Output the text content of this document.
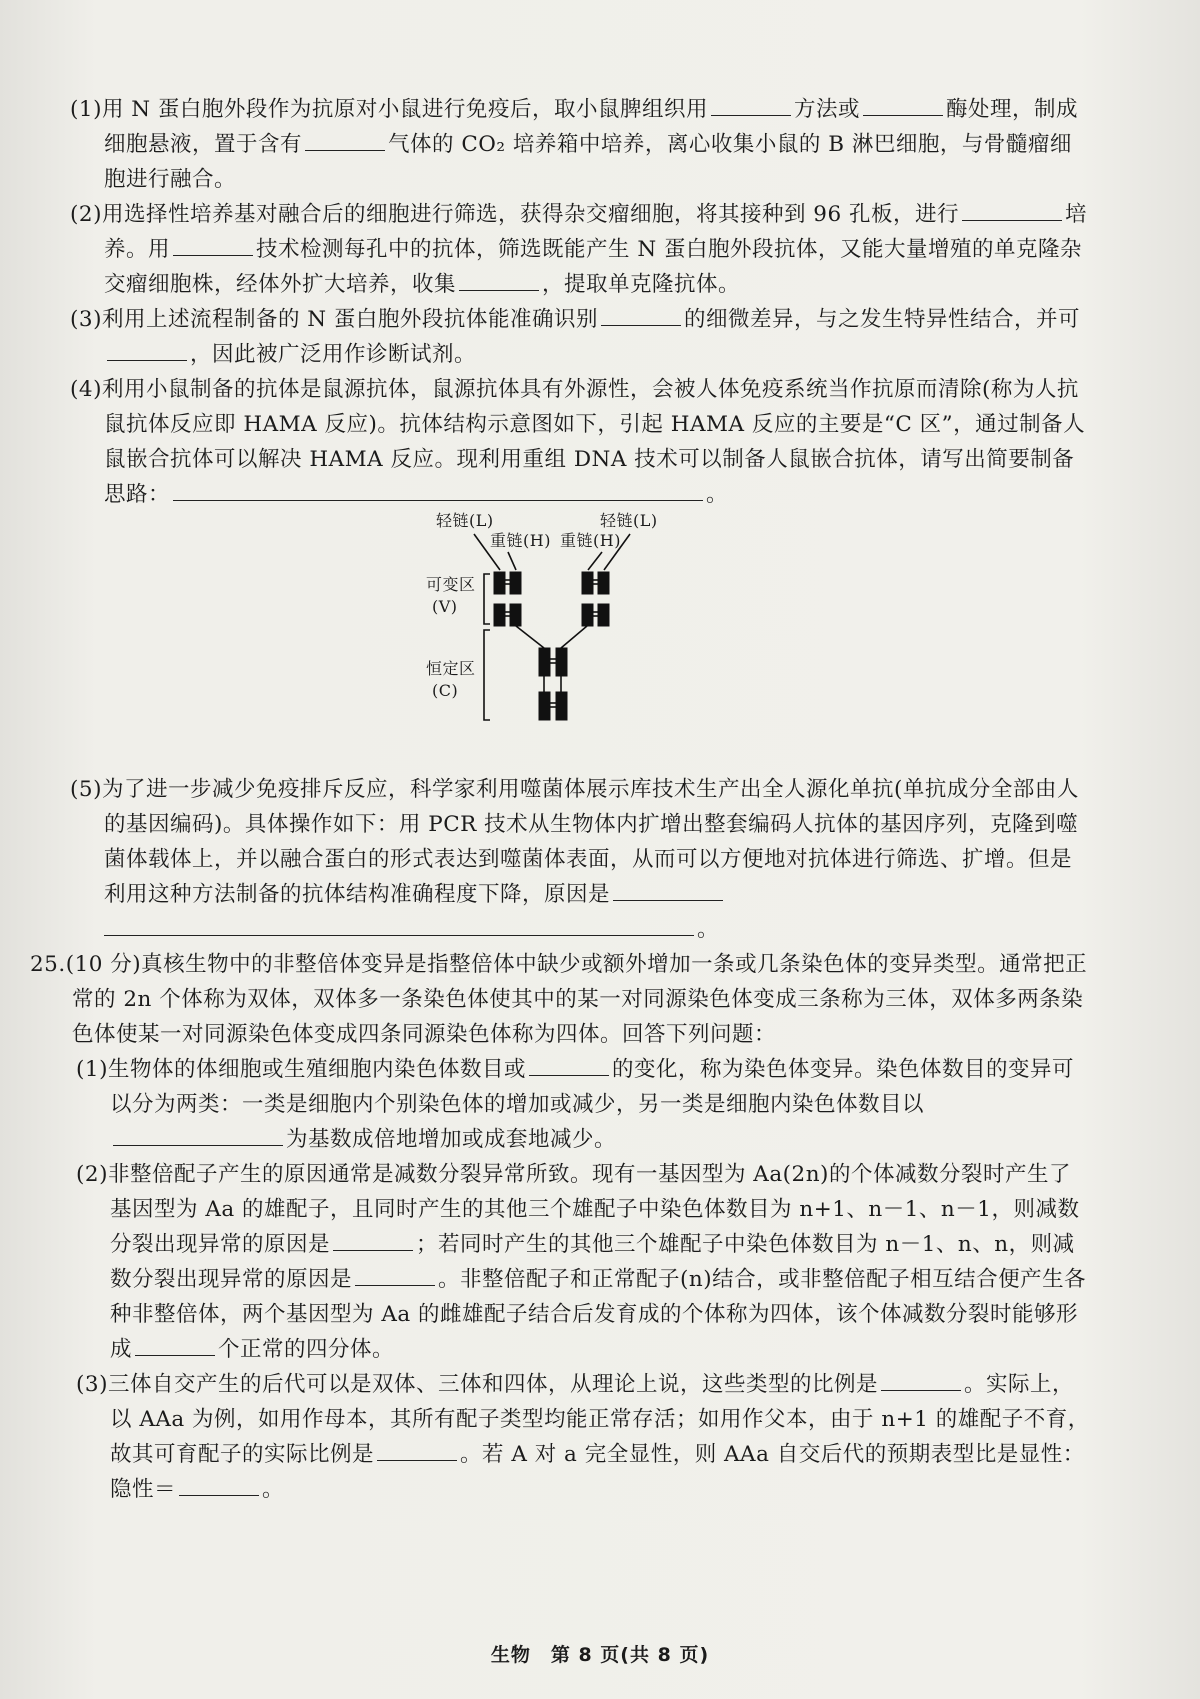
(1)用 N 蛋白胞外段作为抗原对小鼠进行免疫后，取小鼠脾组织用	方法或	酶处理，制成细胞悬液，置于含有	气体的 CO₂ 培养箱中培养，离心收集小鼠的 B 淋巴细胞，与骨髓瘤细胞进行融合。

(2)用选择性培养基对融合后的细胞进行筛选，获得杂交瘤细胞，将其接种到 96 孔板，进行	培养。用	技术检测每孔中的抗体，筛选既能产生 N 蛋白胞外段抗体，又能大量增殖的单克隆杂交瘤细胞株，经体外扩大培养，收集	，提取单克隆抗体。

(3)利用上述流程制备的 N 蛋白胞外段抗体能准确识别	的细微差异，与之发生特异性结合，并可，因此被广泛用作诊断试剂。

(4)利用小鼠制备的抗体是鼠源抗体，鼠源抗体具有外源性，会被人体免疫系统当作抗原而清除(称为人抗鼠抗体反应即 HAMA 反应)。抗体结构示意图如下，引起 HAMA 反应的主要是“C 区”，通过制备人鼠嵌合抗体可以解决 HAMA 反应。现利用重组 DNA 技术可以制备人鼠嵌合抗体，请写出简要制备思路：	。

轻链(L)	轻链(L)
重链(H) 重链(H)
可变区
(V)
恒定区
(C)

(5)为了进一步减少免疫排斥反应，科学家利用噬菌体展示库技术生产出全人源化单抗(单抗成分全部由人的基因编码)。具体操作如下：用 PCR 技术从生物体内扩增出整套编码人抗体的基因序列，克隆到噬菌体载体上，并以融合蛋白的形式表达到噬菌体表面，从而可以方便地对抗体进行筛选、扩增。但是利用这种方法制备的抗体结构准确程度下降，原因是
。

25.(10 分)真核生物中的非整倍体变异是指整倍体中缺少或额外增加一条或几条染色体的变异类型。通常把正常的 2n 个体称为双体，双体多一条染色体使其中的某一对同源染色体变成三条称为三体，双体多两条染色体使某一对同源染色体变成四条同源染色体称为四体。回答下列问题：

(1)生物体的体细胞或生殖细胞内染色体数目或	的变化，称为染色体变异。染色体数目的变异可以分为两类：一类是细胞内个别染色体的增加或减少，另一类是细胞内染色体数目以为基数成倍地增加或成套地减少。

(2)非整倍配子产生的原因通常是减数分裂异常所致。现有一基因型为 Aa(2n)的个体减数分裂时产生了基因型为 Aa 的雄配子，且同时产生的其他三个雄配子中染色体数目为 n+1、n－1、n－1，则减数分裂出现异常的原因是	；若同时产生的其他三个雄配子中染色体数目为 n－1、n、n，则减数分裂出现异常的原因是	。非整倍配子和正常配子(n)结合，或非整倍配子相互结合便产生各种非整倍体，两个基因型为 Aa 的雌雄配子结合后发育成的个体称为四体，该个体减数分裂时能够形成	个正常的四分体。

(3)三体自交产生的后代可以是双体、三体和四体，从理论上说，这些类型的比例是	。实际上，以 AAa 为例，如用作母本，其所有配子类型均能正常存活；如用作父本，由于 n+1 的雄配子不育，故其可育配子的实际比例是	。若 A 对 a 完全显性，则 AAa 自交后代的预期表型比是显性：隐性＝	。

生物　第 8 页(共 8 页)
